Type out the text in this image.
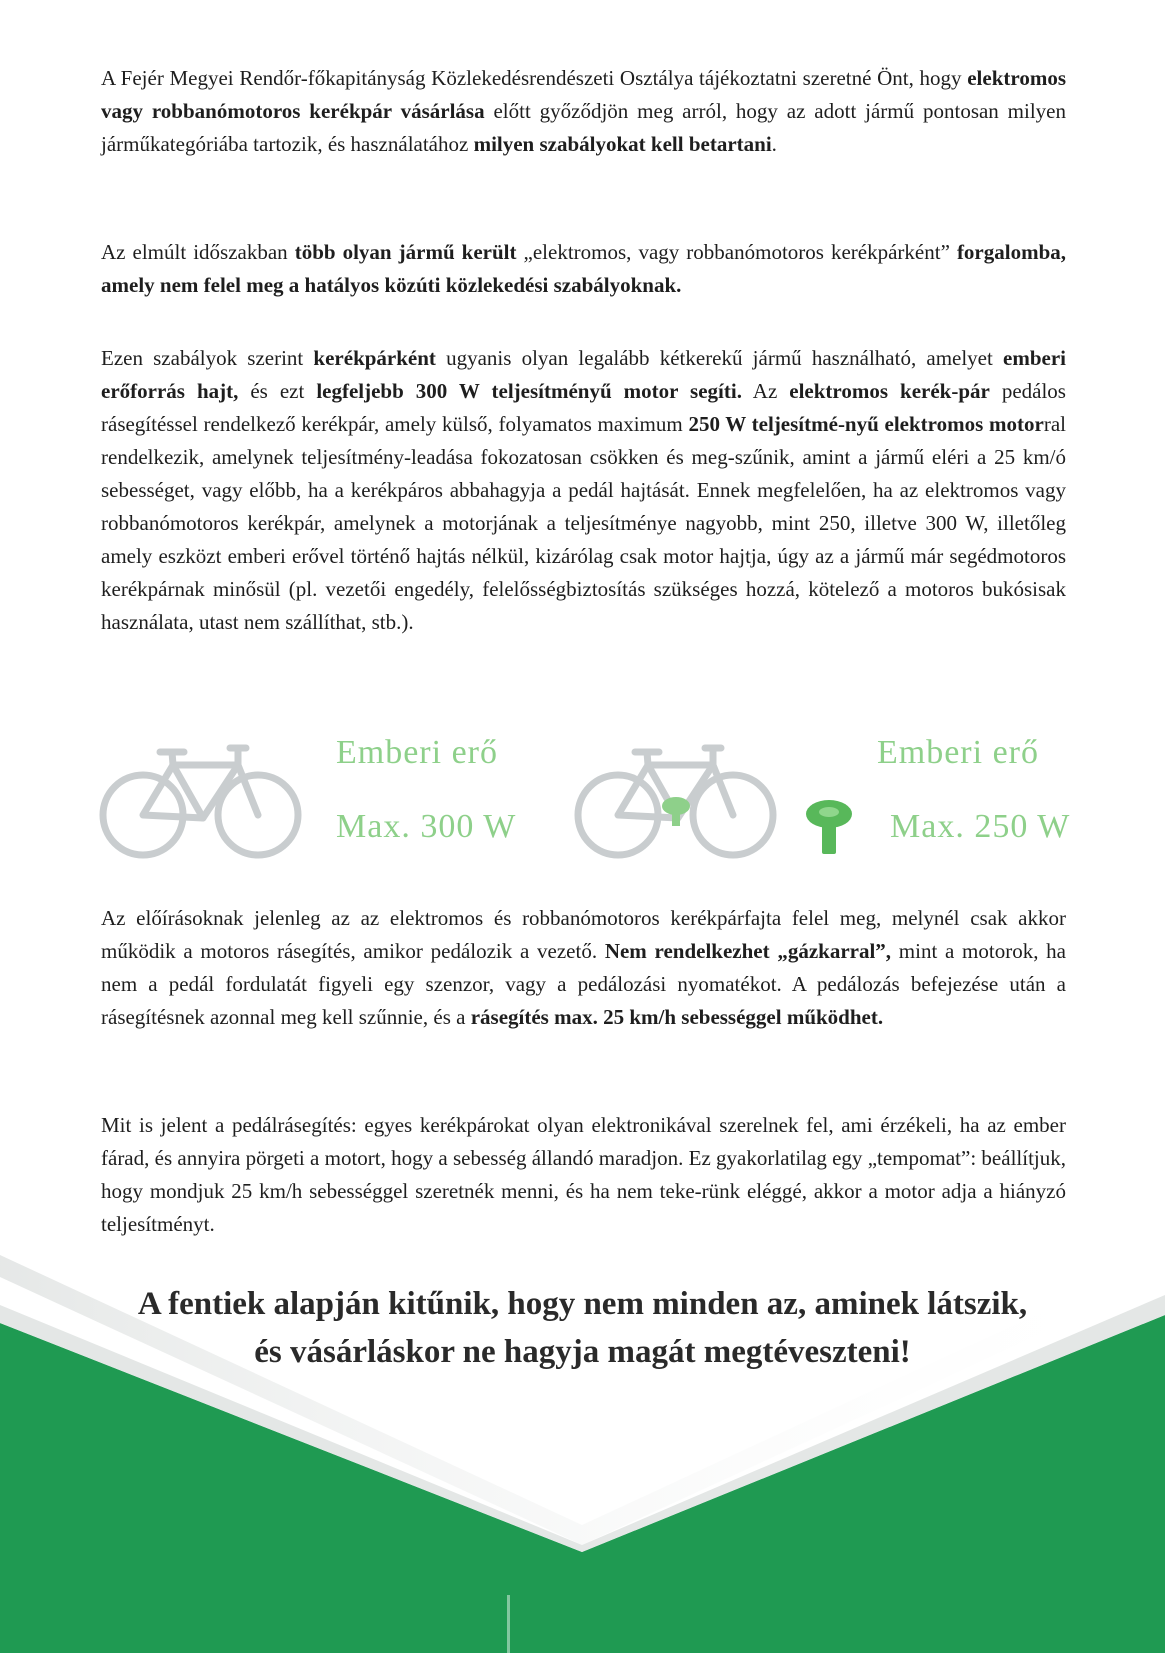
A Fejér Megyei Rendőr-főkapitányság Közlekedésrendészeti Osztálya tájékoztatni szeretné Önt, hogy elektromos vagy robbanómotoros kerékpár vásárlása előtt győződjön meg arról, hogy az adott jármű pontosan milyen járműkategóriába tartozik, és használatához milyen szabályokat kell betartani.

Az elmúlt időszakban több olyan jármű került „elektromos, vagy robbanómotoros kerékpárként” forgalomba, amely nem felel meg a hatályos közúti közlekedési szabályoknak.

Ezen szabályok szerint kerékpárként ugyanis olyan legalább kétkerekű jármű használható, amelyet emberi erőforrás hajt, és ezt legfeljebb 300 W teljesítményű motor segíti. Az elektromos kerék-pár pedálos rásegítéssel rendelkező kerékpár, amely külső, folyamatos maximum 250 W teljesítmé-nyű elektromos motorral rendelkezik, amelynek teljesítmény-leadása fokozatosan csökken és meg-szűnik, amint a jármű eléri a 25 km/ó sebességet, vagy előbb, ha a kerékpáros abbahagyja a pedál hajtását. Ennek megfelelően, ha az elektromos vagy robbanómotoros kerékpár, amelynek a motorjának a teljesítménye nagyobb, mint 250, illetve 300 W, illetőleg amely eszközt emberi erővel történő hajtás nélkül, kizárólag csak motor hajtja, úgy az a jármű már segédmotoros kerékpárnak minősül (pl. vezetői engedély, felelősségbiztosítás szükséges hozzá, kötelező a motoros bukósisak használata, utast nem szállíthat, stb.).

Emberi erő
Max. 300 W
Emberi erő
Max. 250 W

Az előírásoknak jelenleg az az elektromos és robbanómotoros kerékpárfajta felel meg, melynél csak akkor működik a motoros rásegítés, amikor pedálozik a vezető. Nem rendelkezhet „gázkarral”, mint a motorok, ha nem a pedál fordulatát figyeli egy szenzor, vagy a pedálozási nyomatékot. A pedálozás befejezése után a rásegítésnek azonnal meg kell szűnnie, és a rásegítés max. 25 km/h sebességgel működhet.

Mit is jelent a pedálrásegítés: egyes kerékpárokat olyan elektronikával szerelnek fel, ami érzékeli, ha az ember fárad, és annyira pörgeti a motort, hogy a sebesség állandó maradjon. Ez gyakorlatilag egy „tempomat”: beállítjuk, hogy mondjuk 25 km/h sebességgel szeretnék menni, és ha nem teke-rünk eléggé, akkor a motor adja a hiányzó teljesítményt.

A fentiek alapján kitűnik, hogy nem minden az, aminek látszik,

és vásárláskor ne hagyja magát megtéveszteni!
